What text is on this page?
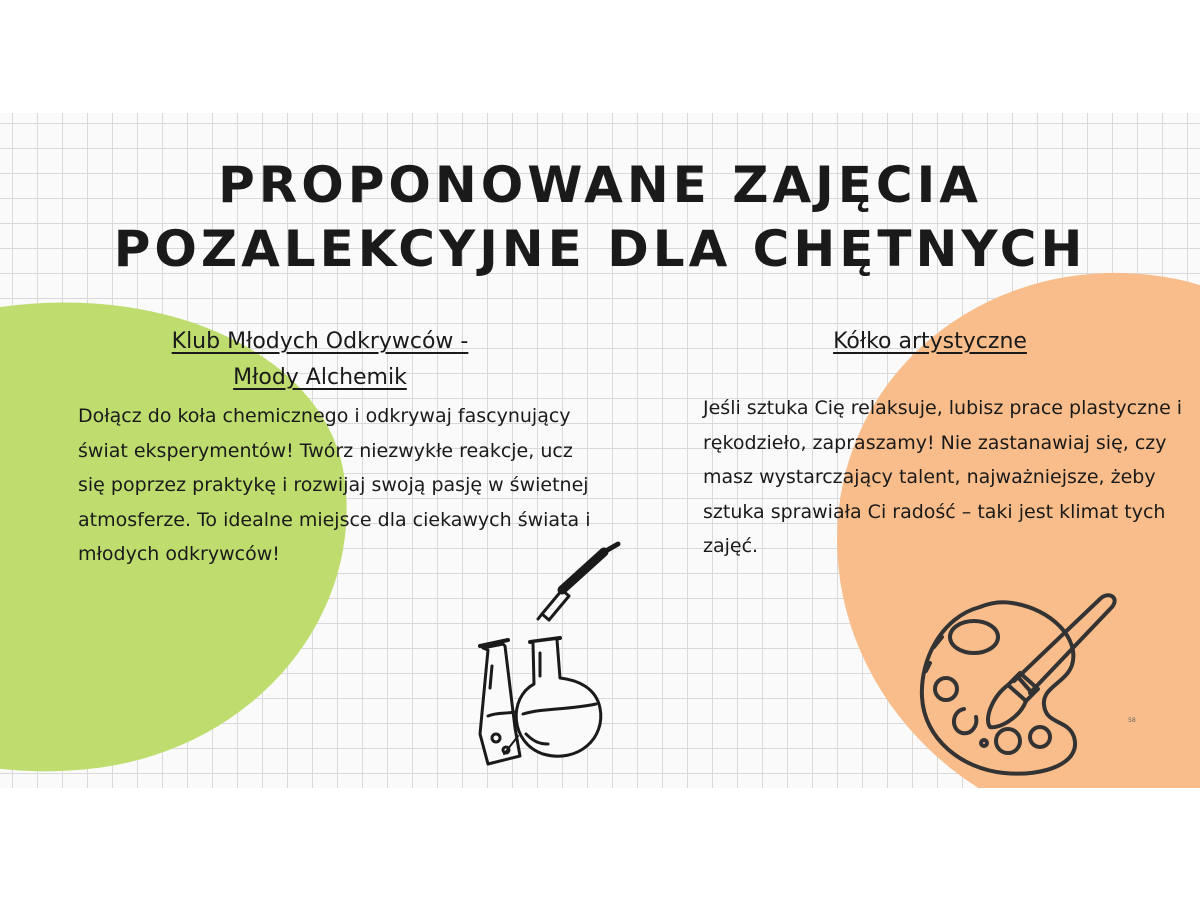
PROPONOWANE ZAJĘCIA
POZALEKCYJNE DLA CHĘTNYCH
Klub Młodych Odkrywców -
Młody Alchemik

Dołącz do koła chemicznego i odkrywaj fascynujący świat eksperymentów! Twórz niezwykłe reakcje, ucz się poprzez praktykę i rozwijaj swoją pasję w świetnej atmosferze. To idealne miejsce dla ciekawych świata i młodych odkrywców!

Kółko artystyczne

Jeśli sztuka Cię relaksuje, lubisz prace plastyczne i rękodzieło, zapraszamy! Nie zastanawiaj się, czy masz wystarczający talent, najważniejsze, żeby sztuka sprawiała Ci radość – taki jest klimat tych zajęć.

58
